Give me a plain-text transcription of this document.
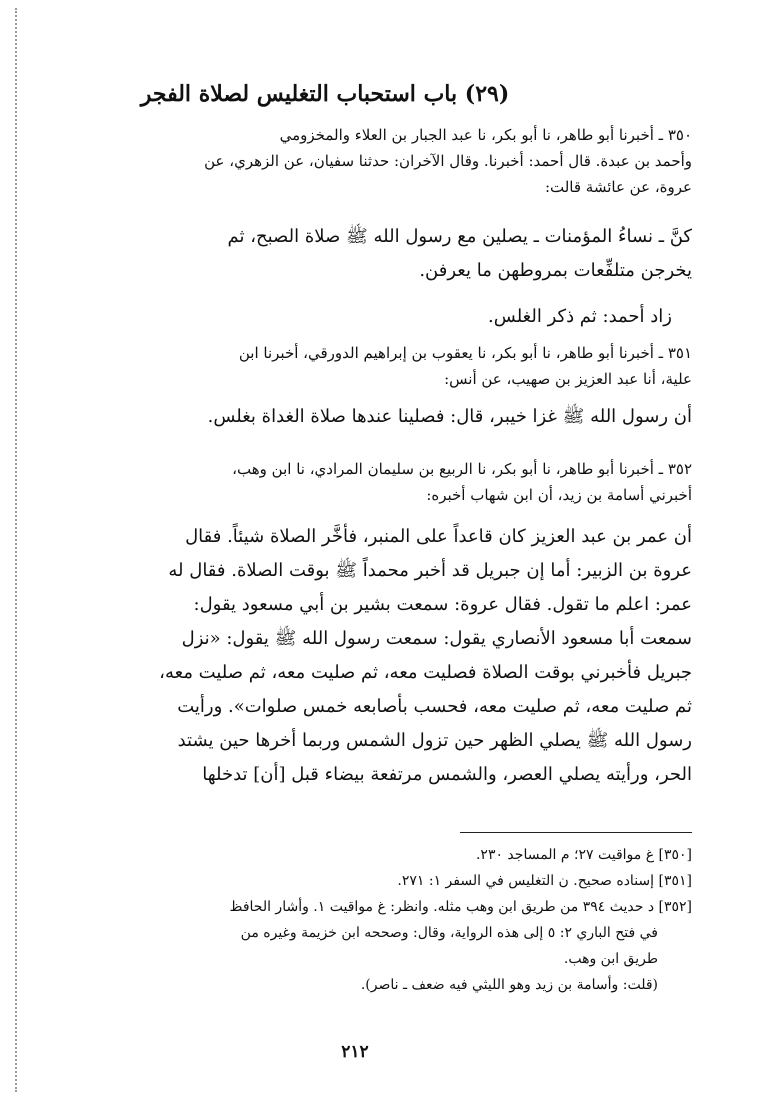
(٢٩) باب استحباب التغليس لصلاة الفجر
٣٥٠ ـ أخبرنا أبو طاهر، نا أبو بكر، نا عبد الجبار بن العلاء والمخزومي
وأحمد بن عبدة. قال أحمد: أخبرنا. وقال الآخران: حدثنا سفيان، عن الزهري، عن
عروة، عن عائشة قالت:
كنَّ ـ نساءُ المؤمنات ـ يصلين مع رسول الله ﷺ صلاة الصبح، ثم
يخرجن متلفِّعات بمروطهن ما يعرفن.
زاد أحمد: ثم ذكر الغلس.
٣٥١ ـ أخبرنا أبو طاهر، نا أبو بكر، نا يعقوب بن إبراهيم الدورقي، أخبرنا ابن
علية، أنا عبد العزيز بن صهيب، عن أنس:
أن رسول الله ﷺ غزا خيبر، قال: فصلينا عندها صلاة الغداة بغلس.
٣٥٢ ـ أخبرنا أبو طاهر، نا أبو بكر، نا الربيع بن سليمان المرادي، نا ابن وهب،
أخبرني أسامة بن زيد، أن ابن شهاب أخبره:
أن عمر بن عبد العزيز كان قاعداً على المنبر، فأخَّر الصلاة شيئاً. فقال
عروة بن الزبير: أما إن جبريل قد أخبر محمداً ﷺ بوقت الصلاة. فقال له
عمر: اعلم ما تقول. فقال عروة: سمعت بشير بن أبي مسعود يقول:
سمعت أبا مسعود الأنصاري يقول: سمعت رسول الله ﷺ يقول: «نزل
جبريل فأخبرني بوقت الصلاة فصليت معه، ثم صليت معه، ثم صليت معه،
ثم صليت معه، ثم صليت معه، فحسب بأصابعه خمس صلوات». ورأيت
رسول الله ﷺ يصلي الظهر حين تزول الشمس وربما أخرها حين يشتد
الحر، ورأيته يصلي العصر، والشمس مرتفعة بيضاء قبل [أن] تدخلها
[٣٥٠] غ مواقيت ٢٧؛ م المساجد ٢٣٠.
[٣٥١] إسناده صحيح. ن التغليس في السفر ١: ٢٧١.
[٣٥٢] د حديث ٣٩٤ من طريق ابن وهب مثله. وانظر: غ مواقيت ١. وأشار الحافظ
في فتح الباري ٢: ٥ إلى هذه الرواية، وقال: وصححه ابن خزيمة وغيره من
طريق ابن وهب.
(قلت: وأسامة بن زيد وهو الليثي فيه ضعف ـ ناصر).
٢١٢
